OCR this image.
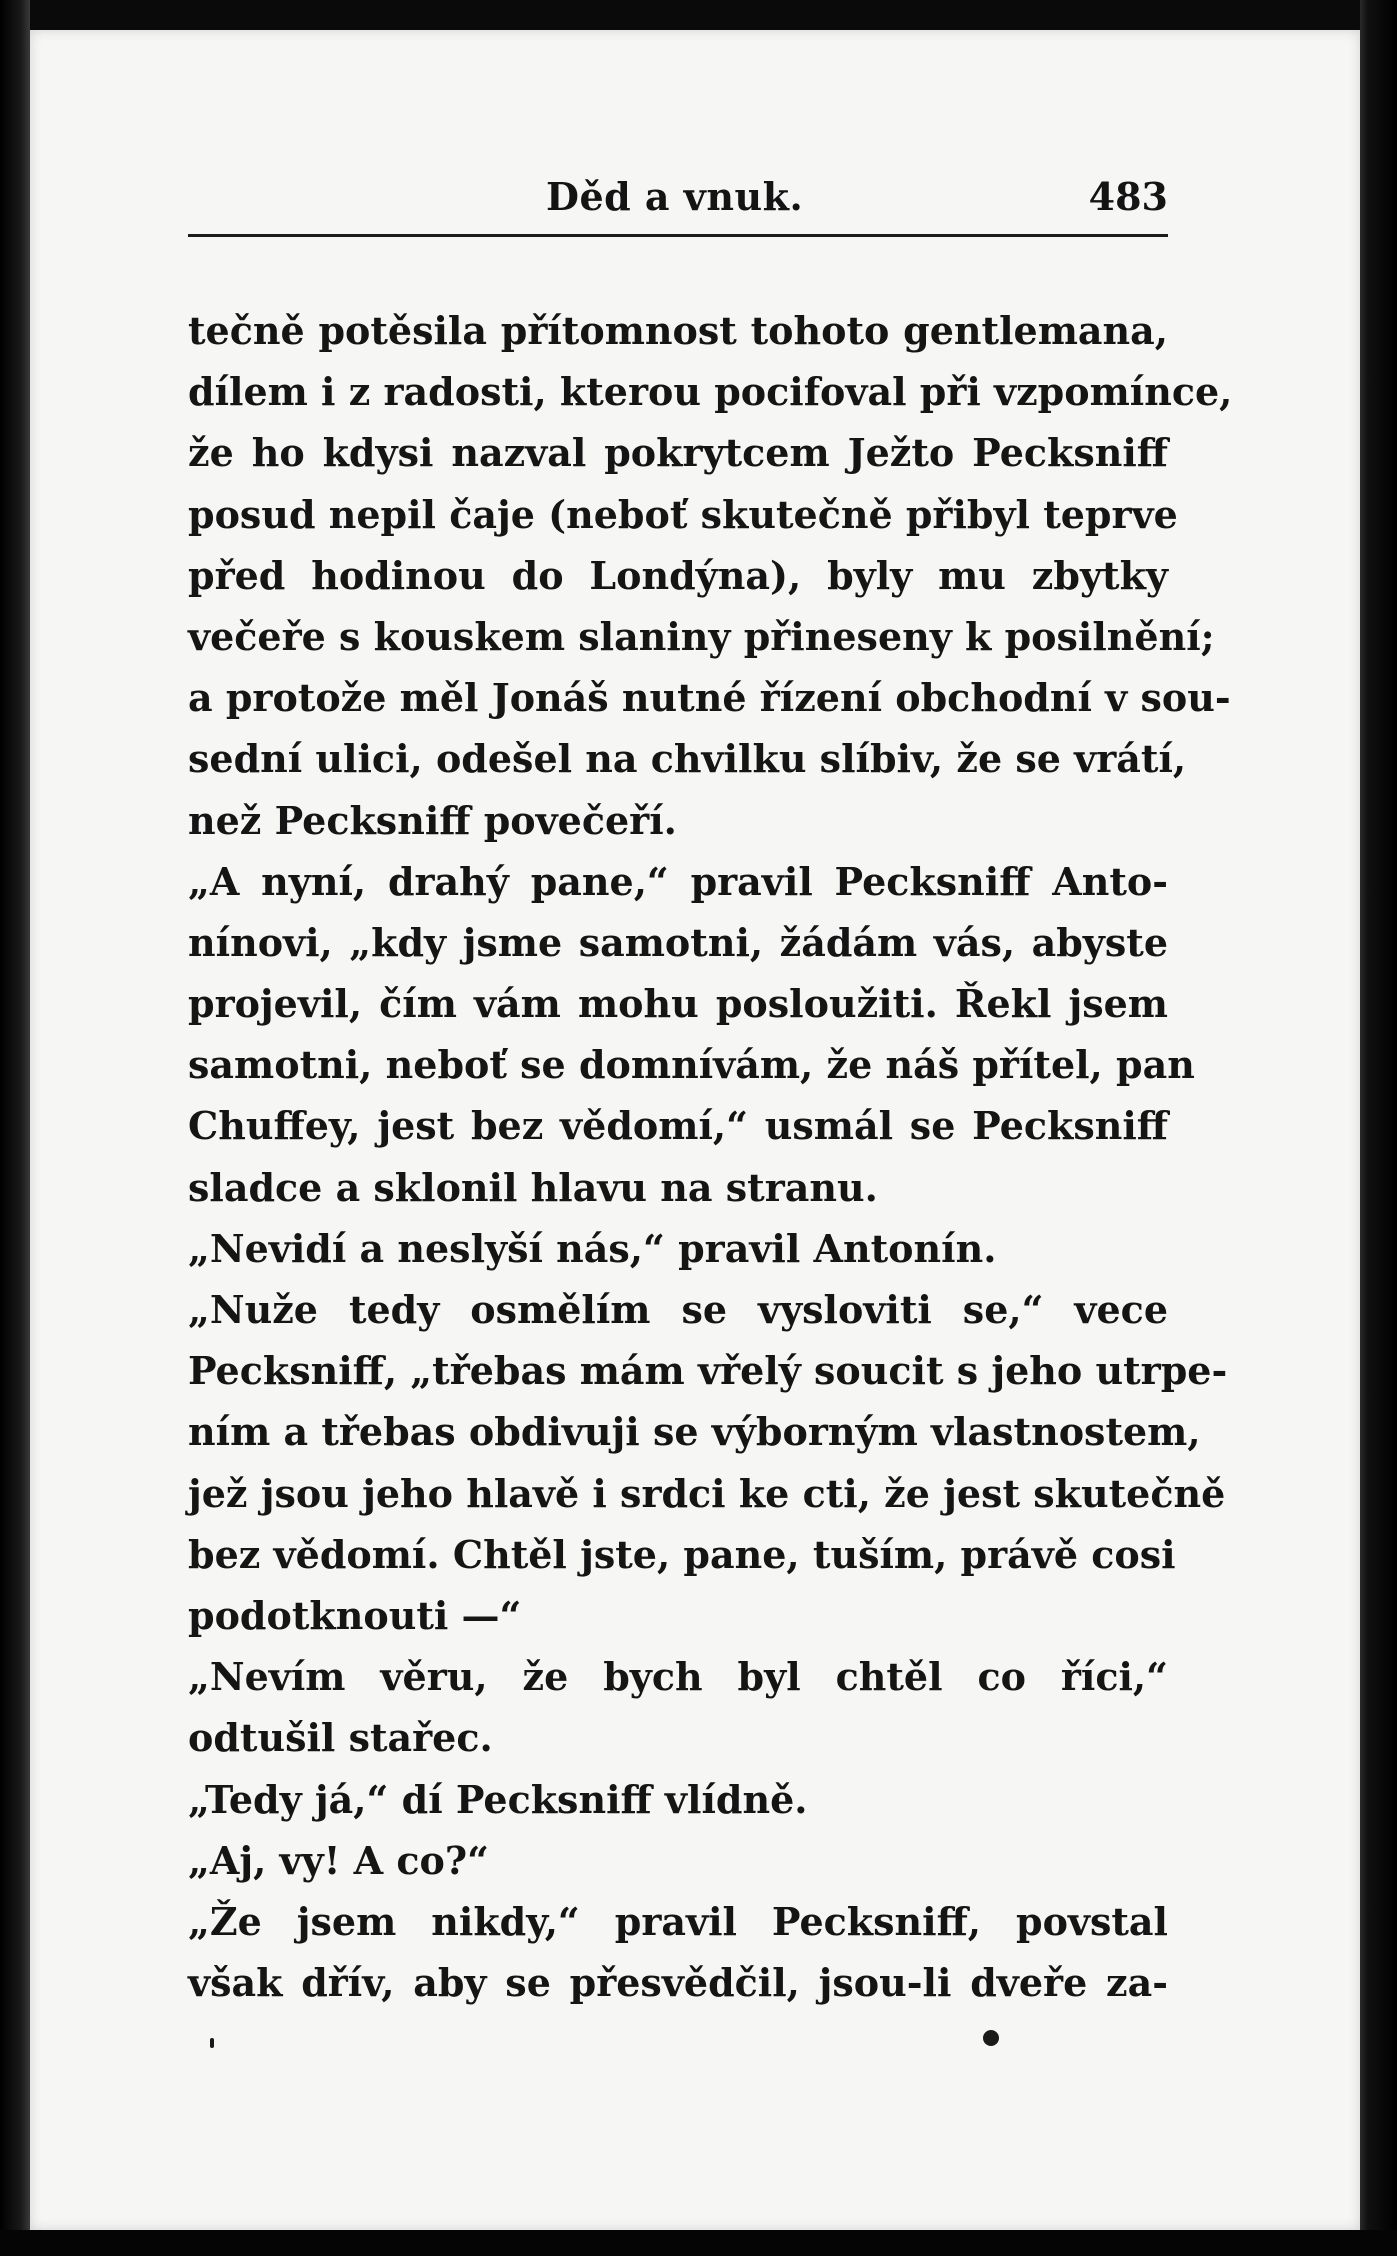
Děd a vnuk.	483
tečně potěsila přítomnost tohoto gentlemana,
dílem i z radosti, kterou pocifoval při vzpomínce,
že ho kdysi nazval pokrytcem Ježto Pecksniff
posud nepil čaje (neboť skutečně přibyl teprve
před hodinou do Londýna), byly mu zbytky
večeře s kouskem slaniny přineseny k posilnění;
a protože měl Jonáš nutné řízení obchodní v sou-
sední ulici, odešel na chvilku slíbiv, že se vrátí,
než Pecksniff povečeří.
„A nyní, drahý pane,“ pravil Pecksniff Anto-
nínovi, „kdy jsme samotni, žádám vás, abyste
projevil, čím vám mohu posloužiti. Řekl jsem
samotni, neboť se domnívám, že náš přítel, pan
Chuffey, jest bez vědomí,“ usmál se Pecksniff
sladce a sklonil hlavu na stranu.
„Nevidí a neslyší nás,“ pravil Antonín.
„Nuže tedy osmělím se vysloviti se,“ vece
Pecksniff, „třebas mám vřelý soucit s jeho utrpe-
ním a třebas obdivuji se výborným vlastnostem,
jež jsou jeho hlavě i srdci ke cti, že jest skutečně
bez vědomí. Chtěl jste, pane, tuším, právě cosi
podotknouti —“
„Nevím věru, že bych byl chtěl co říci,“
odtušil stařec.
„Tedy já,“ dí Pecksniff vlídně.
„Aj, vy! A co?“
„Že jsem nikdy,“ pravil Pecksniff, povstal
však dřív, aby se přesvědčil, jsou-li dveře za-
